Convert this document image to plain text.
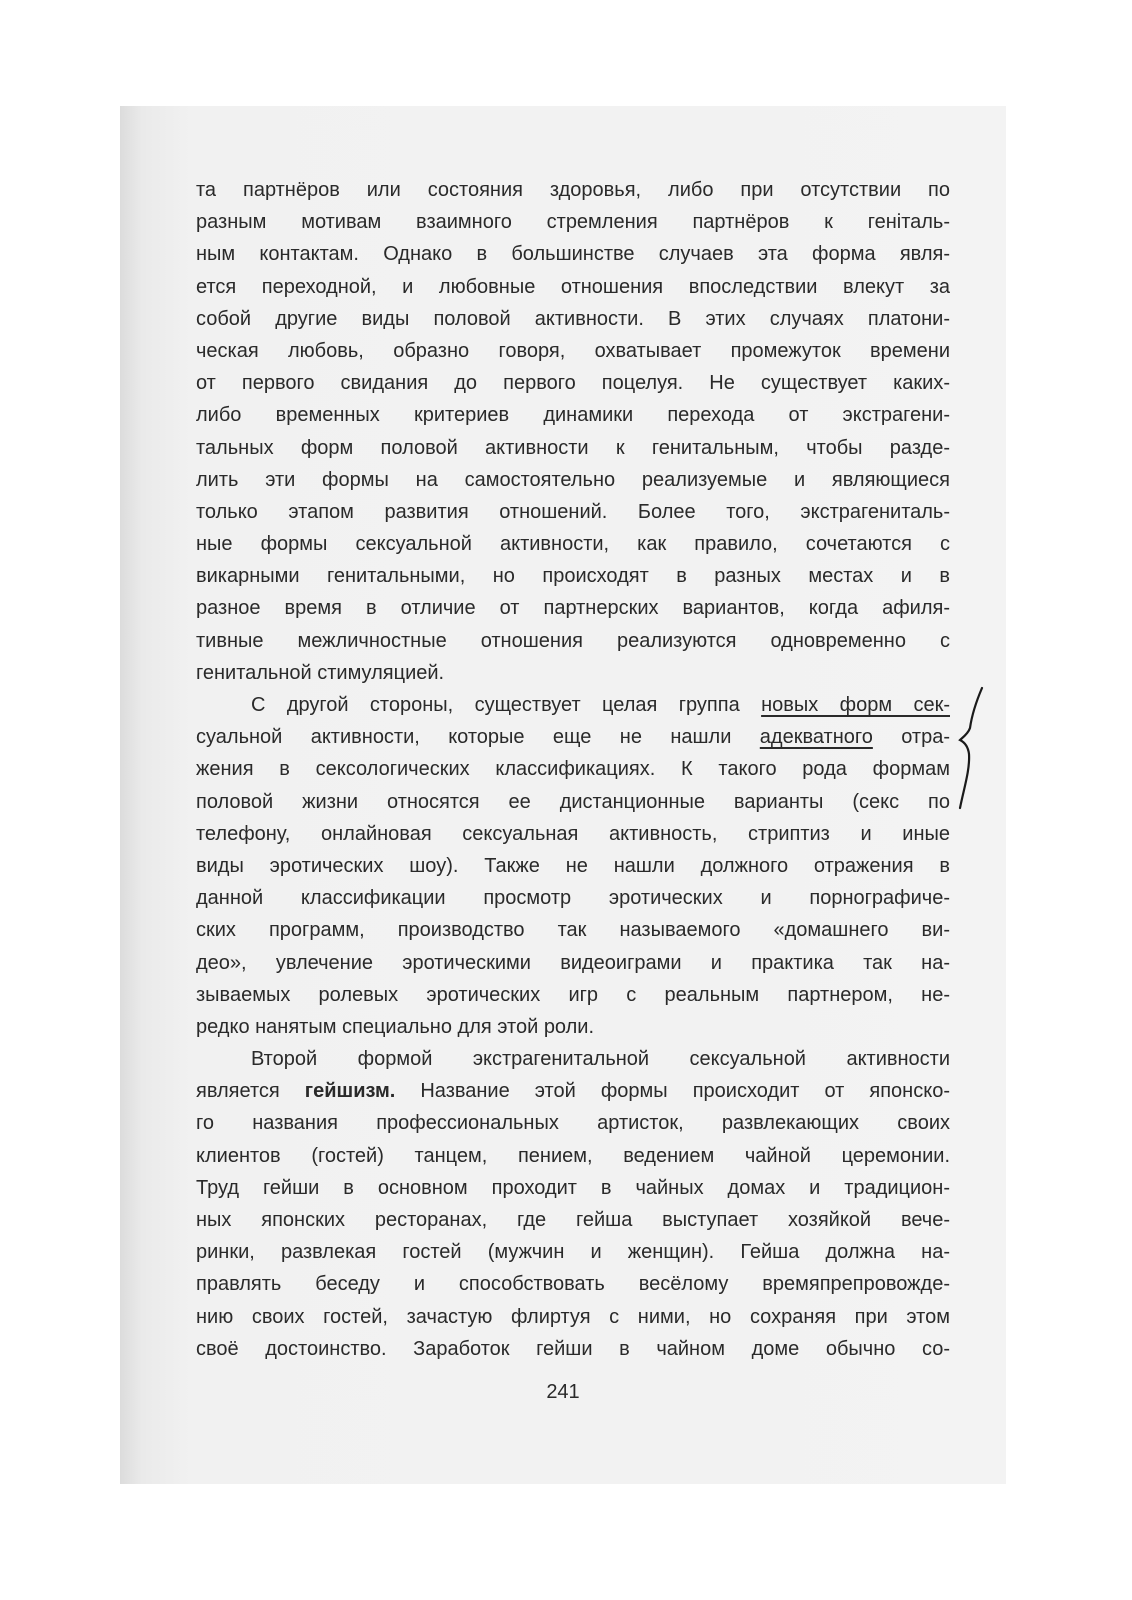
та партнёров или состояния здоровья, либо при отсутствии по
разным мотивам взаимного стремления партнёров к геніталь-
ным контактам. Однако в большинстве случаев эта форма явля-
ется переходной, и любовные отношения впоследствии влекут за
собой другие виды половой активности. В этих случаях платони-
ческая любовь, образно говоря, охватывает промежуток времени
от первого свидания до первого поцелуя. Не существует каких-
либо временных критериев динамики перехода от экстрагени-
тальных форм половой активности к генитальным, чтобы разде-
лить эти формы на самостоятельно реализуемые и являющиеся
только этапом развития отношений. Более того, экстрагениталь-
ные формы сексуальной активности, как правило, сочетаются с
викарными генитальными, но происходят в разных местах и в
разное время в отличие от партнерских вариантов, когда афиля-
тивные межличностные отношения реализуются одновременно с
генитальной стимуляцией.
С другой стороны, существует целая группа новых форм сек-
суальной активности, которые еще не нашли адекватного отра-
жения в сексологических классификациях. К такого рода формам
половой жизни относятся ее дистанционные варианты (секс по
телефону, онлайновая сексуальная активность, стриптиз и иные
виды эротических шоу). Также не нашли должного отражения в
данной классификации просмотр эротических и порнографиче-
ских программ, производство так называемого «домашнего ви-
део», увлечение эротическими видеоиграми и практика так на-
зываемых ролевых эротических игр с реальным партнером, не-
редко нанятым специально для этой роли.
Второй формой экстрагенитальной сексуальной активности
является гейшизм. Название этой формы происходит от японско-
го названия профессиональных артисток, развлекающих своих
клиентов (гостей) танцем, пением, ведением чайной церемонии.
Труд гейши в основном проходит в чайных домах и традицион-
ных японских ресторанах, где гейша выступает хозяйкой вече-
ринки, развлекая гостей (мужчин и женщин). Гейша должна на-
правлять беседу и способствовать весёлому времяпрепровожде-
нию своих гостей, зачастую флиртуя с ними, но сохраняя при этом
своё достоинство. Заработок гейши в чайном доме обычно со-
241
